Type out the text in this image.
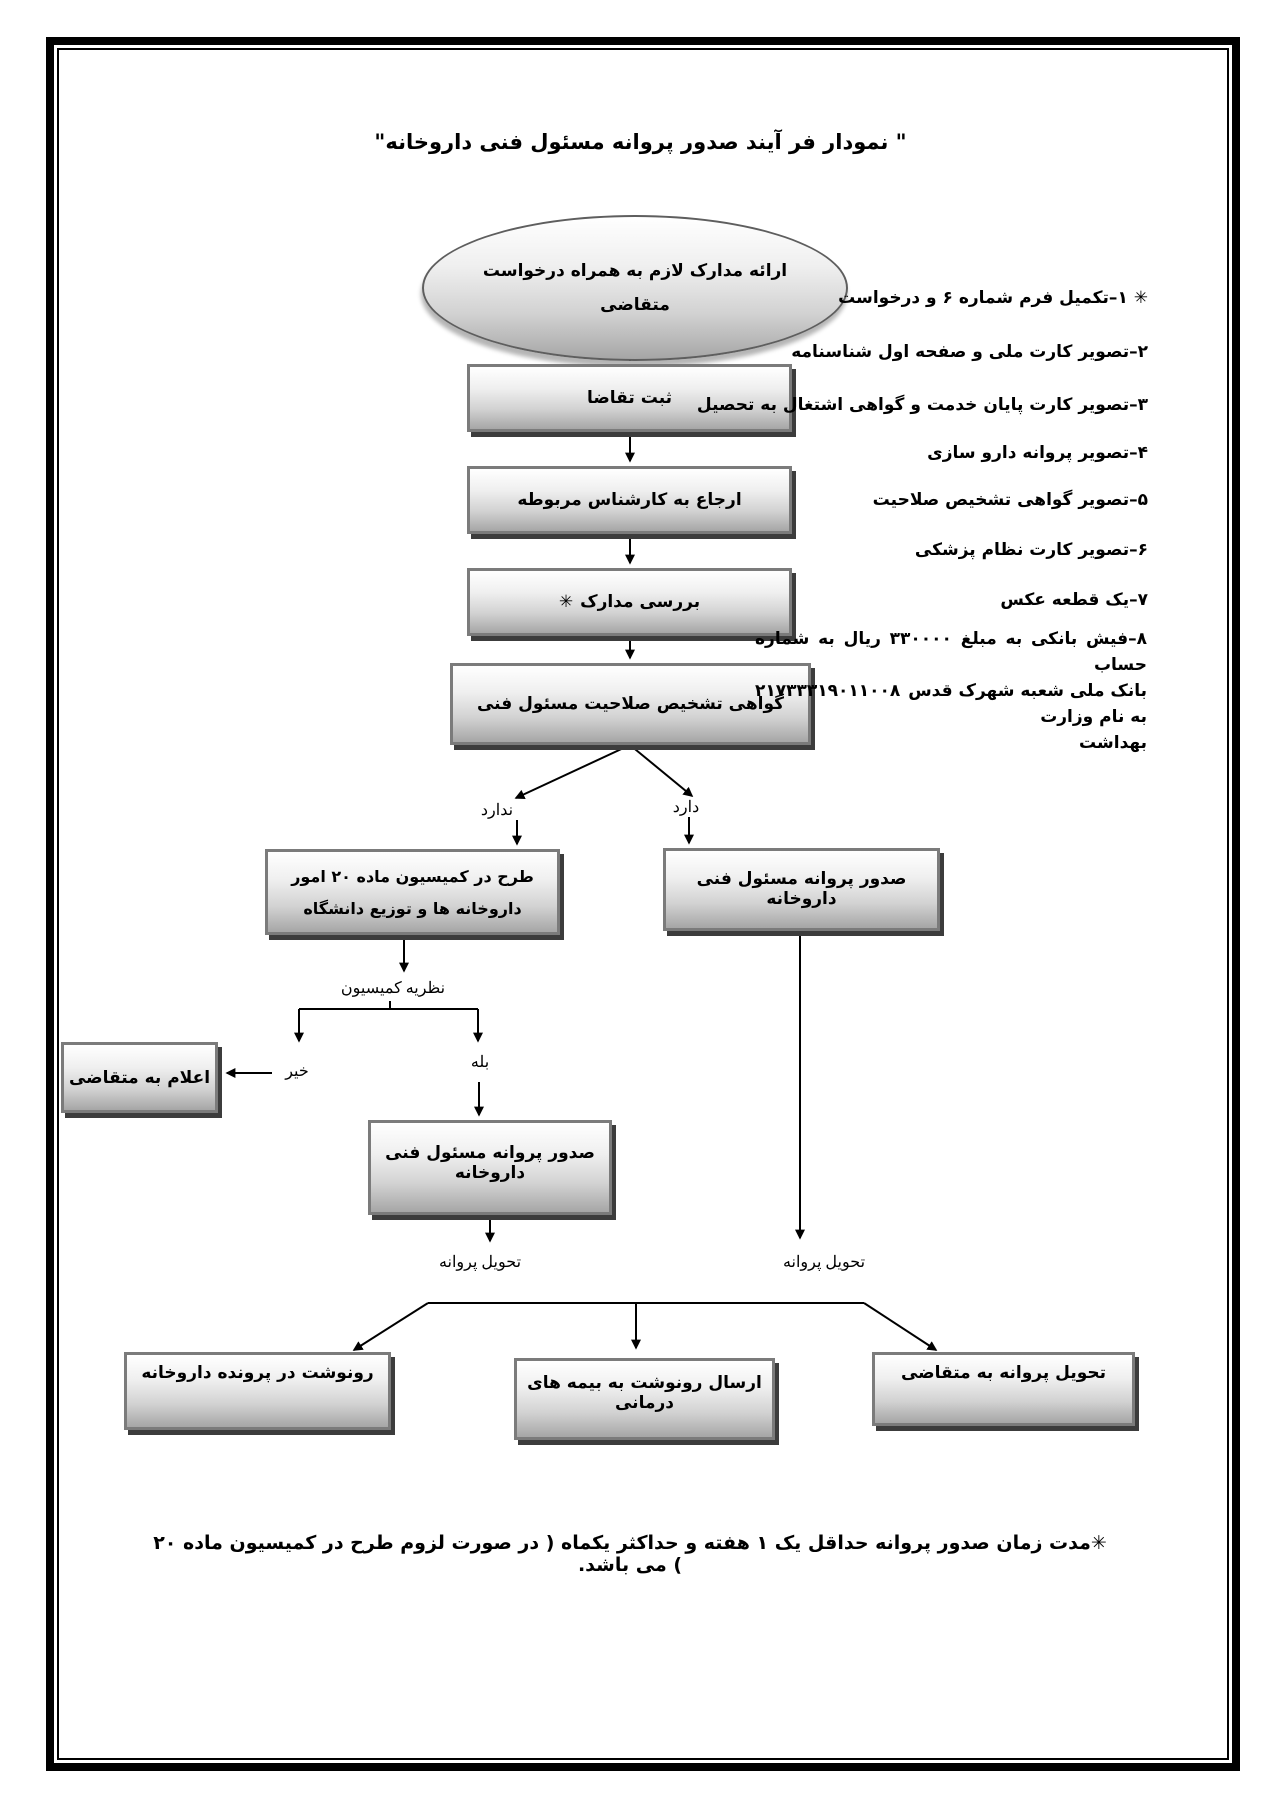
" نمودار فر آیند صدور پروانه مسئول فنی داروخانه"
ارائه مدارک لازم به همراه درخواست
متقاضی
ثبت تقاضا
ارجاع به کارشناس مربوطه
بررسی مدارک
✳
گواهی تشخیص صلاحیت مسئول فنی
طرح در کمیسیون ماده ۲۰ امور
داروخانه ها و توزیع دانشگاه
صدور پروانه مسئول فنی داروخانه
اعلام به متقاضی
صدور پروانه مسئول فنی داروخانه
رونوشت در پرونده داروخانه	ارسال رونوشت به بیمه های درمانی
تحویل پروانه به متقاضی
ندارد	دارد
نظریه کمیسیون
خیر
بله
تحویل پروانه	تحویل پروانه
✳ ۱–تکمیل فرم شماره ۶ و درخواست
۲–تصویر کارت ملی و صفحه اول شناسنامه
۳–تصویر کارت پایان خدمت و گواهی اشتغال به تحصیل
۴–تصویر پروانه دارو سازی
۵–تصویر گواهی تشخیص صلاحیت
۶–تصویر کارت نظام پزشکی
۷–یک قطعه عکس
۸–فیش بانکی به مبلغ ۳۳۰۰۰۰ ریال به شماره حساب
بانک ملی شعبه شهرک قدس به نام وزارت
۲۱۷۳۳۳۱۹۰۱۱۰۰۸
بهداشت
✳مدت زمان صدور پروانه حداقل یک ۱ هفته و حداکثر یکماه ( در صورت لزوم طرح در کمیسیون ماده ۲۰ ) می باشد.
